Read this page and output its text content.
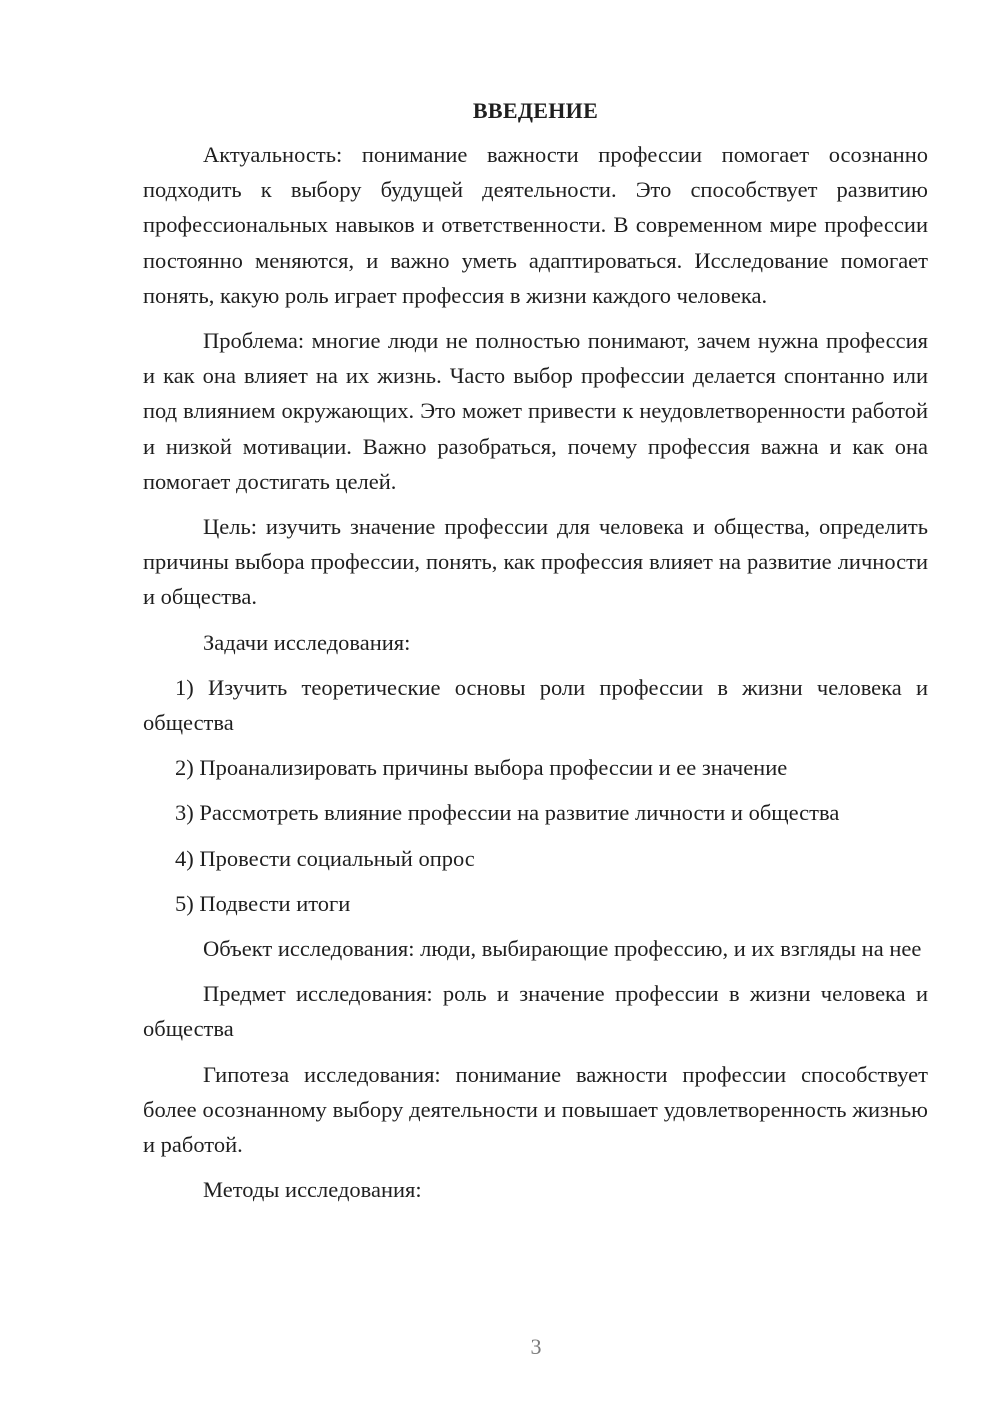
ВВЕДЕНИЕ

Актуальность: понимание важности профессии помогает осознанно подходить к выбору будущей деятельности. Это способствует развитию профессиональных навыков и ответственности. В современном мире профессии постоянно меняются, и важно уметь адаптироваться. Исследование помогает понять, какую роль играет профессия в жизни каждого человека.

Проблема: многие люди не полностью понимают, зачем нужна профессия и как она влияет на их жизнь. Часто выбор профессии делается спонтанно или под влиянием окружающих. Это может привести к неудовлетворенности работой и низкой мотивации. Важно разобраться, почему профессия важна и как она помогает достигать целей.

Цель: изучить значение профессии для человека и общества, определить причины выбора профессии, понять, как профессия влияет на развитие личности и общества.

Задачи исследования:

1) Изучить теоретические основы роли профессии в жизни человека и общества

2) Проанализировать причины выбора профессии и ее значение

3) Рассмотреть влияние профессии на развитие личности и общества

4) Провести социальный опрос

5) Подвести итоги

Объект исследования: люди, выбирающие профессию, и их взгляды на нее

Предмет исследования: роль и значение профессии в жизни человека и общества

Гипотеза исследования: понимание важности профессии способствует более осознанному выбору деятельности и повышает удовлетворенность жизнью и работой.

Методы исследования:

3
